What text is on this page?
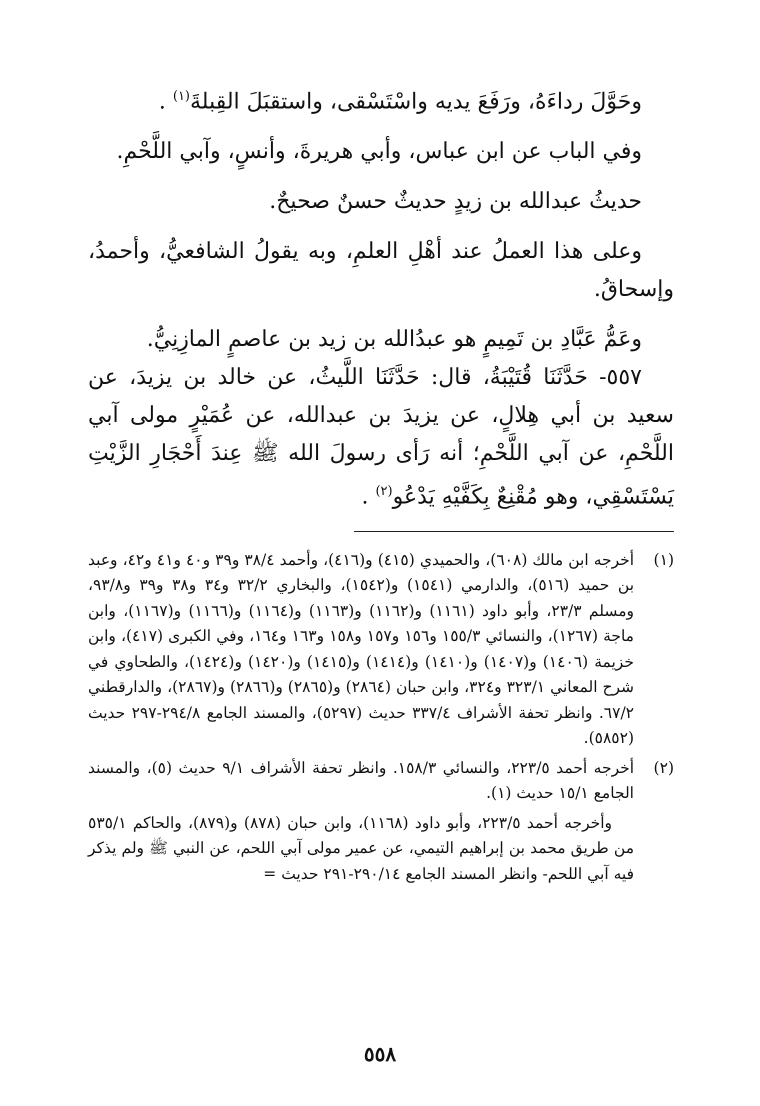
وحَوَّلَ رداءَهُ، ورَفَعَ يديه واسْتَسْقى، واستقبَلَ القِبلةَ$^{(١)}$ .

وفي الباب عن ابن عباس، وأبي هريرةَ، وأنسٍ، وآبي اللَّحْمِ.

حديثُ عبدالله بن زيدٍ حديثٌ حسنٌ صحيحٌ.

وعلى هذا العملُ عند أهْلِ العلمِ، وبه يقولُ الشافعيُّ، وأحمدُ، وإسحاقُ.

وعَمُّ عَبَّادِ بن تَمِيمٍ هو عبدُالله بن زيد بن عاصمٍ المازِنِيُّ.

٥٥٧- حَدَّثَنَا قُتَيْبَةُ، قال: حَدَّثَنَا اللَّيثُ، عن خالد بن يزيدَ، عن سعيد بن أبي هِلالٍ، عن يزيدَ بن عبدالله، عن عُمَيْرٍ مولى آبي اللَّحْمِ، عن آبي اللَّحْمِ؛ أنه رَأى رسولَ الله ﷺ عِندَ أَحْجَارِ الزَّيْتِ يَسْتَسْقِي، وهو مُقْنِعٌ بِكَفَّيْهِ يَدْعُو$^{(٢)}$ .

(١)
أخرجه ابن مالك (٦٠٨)، والحميدي (٤١٥) و(٤١٦)، وأحمد ٣٨/٤ و٣٩ و٤٠ و٤١ و٤٢، وعبد بن حميد (٥١٦)، والدارمي (١٥٤١) و(١٥٤٢)، والبخاري ٣٢/٢ و٣٤ و٣٨ و٣٩ و٩٣/٨، ومسلم ٢٣/٣، وأبو داود (١١٦١) و(١١٦٢) و(١١٦٣) و(١١٦٤) و(١١٦٦) و(١١٦٧)، وابن ماجة (١٢٦٧)، والنسائي ١٥٥/٣ و١٥٦ و١٥٧ و١٥٨ و١٦٣ و١٦٤، وفي الكبرى (٤١٧)، وابن خزيمة (١٤٠٦) و(١٤٠٧) و(١٤١٠) و(١٤١٤) و(١٤١٥) و(١٤٢٠) و(١٤٢٤)، والطحاوي في شرح المعاني ٣٢٣/١ و٣٢٤، وابن حبان (٢٨٦٤) و(٢٨٦٥) و(٢٨٦٦) و(٢٨٦٧)، والدارقطني ٦٧/٢. وانظر تحفة الأشراف ٣٣٧/٤ حديث (٥٢٩٧)، والمسند الجامع ٢٩٤/٨-٢٩٧ حديث (٥٨٥٢).
(٢)
أخرجه أحمد ٢٢٣/٥، والنسائي ١٥٨/٣. وانظر تحفة الأشراف ٩/١ حديث (٥)، والمسند الجامع ١٥/١ حديث (١).

وأخرجه أحمد ٢٢٣/٥، وأبو داود (١١٦٨)، وابن حبان (٨٧٨) و(٨٧٩)، والحاكم ٥٣٥/١ من طريق محمد بن إبراهيم التيمي، عن عمير مولى آبي اللحم، عن النبي ﷺ ولم يذكر فيه آبي اللحم- وانظر المسند الجامع ٢٩٠/١٤-٢٩١ حديث =

٥٥٨
